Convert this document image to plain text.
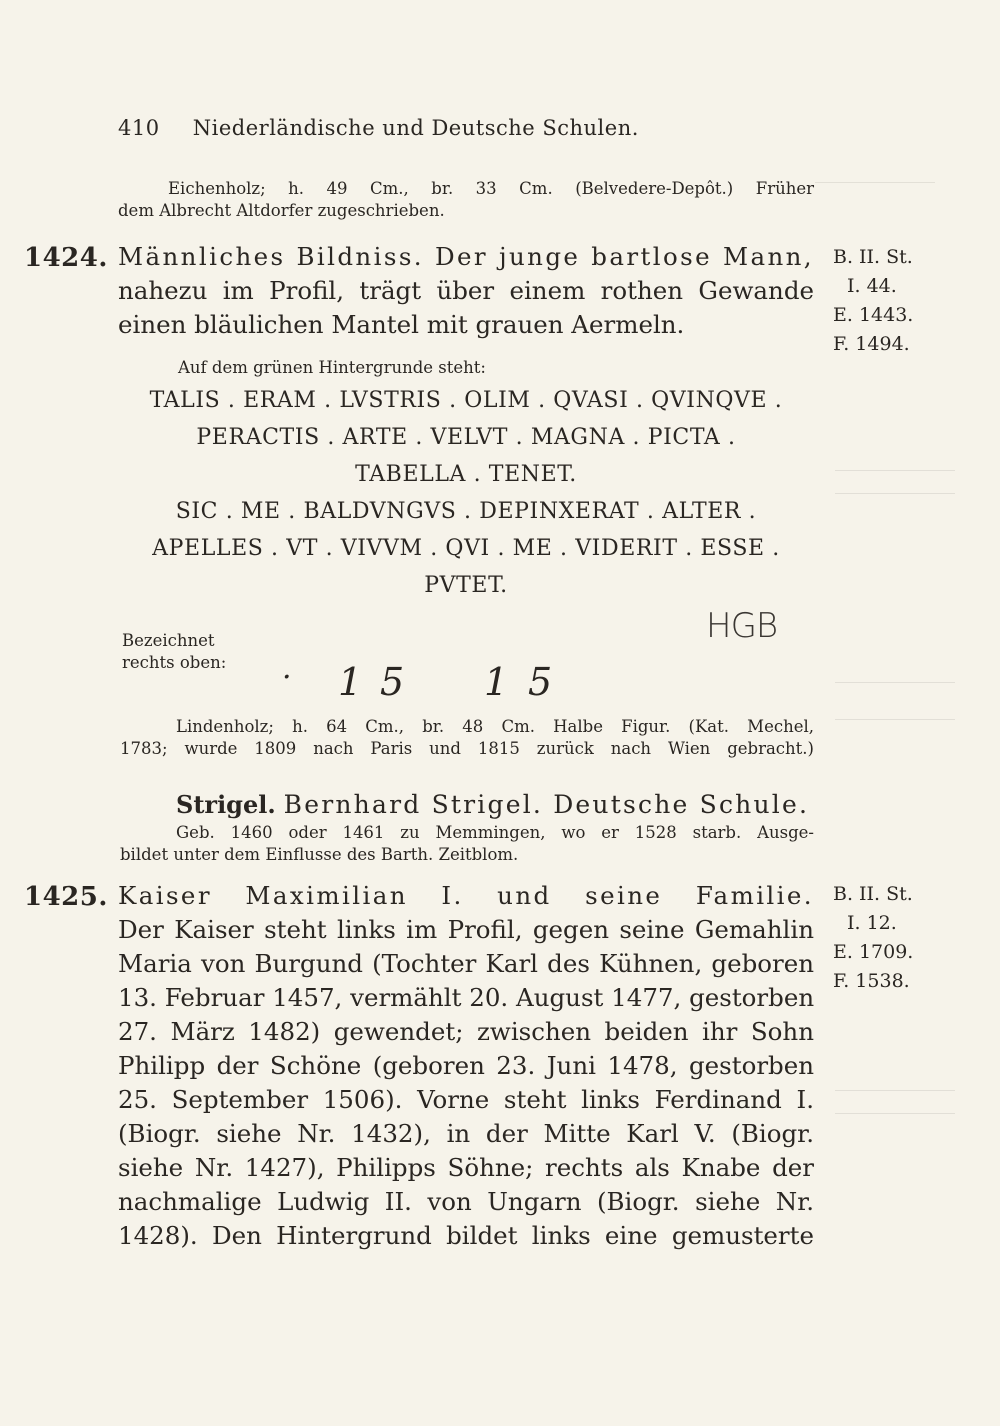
410 Niederländische und Deutsche Schulen.
Eichenholz; h. 49 Cm., br. 33 Cm. (Belvedere-Depôt.) Früher
dem Albrecht Altdorfer zugeschrieben.
1424. Männliches Bildniss. Der junge bartlose Mann,
nahezu im Profil, trägt über einem rothen Gewande
einen bläulichen Mantel mit grauen Aermeln.
B. II. St.
I. 44.
E. 1443.
F. 1494.
Auf dem grünen Hintergrunde steht:
TALIS . ERAM . LVSTRIS . OLIM . QVASI . QVINQVE .
PERACTIS . ARTE . VELVT . MAGNA . PICTA .
TABELLA . TENET.
SIC . ME . BALDVNGVS . DEPINXERAT . ALTER .
APELLES . VT . VIVVM . QVI . ME . VIDERIT . ESSE .
PVTET.
Bezeichnet
rechts oben:
HGB
· 1 5 1 5
Lindenholz; h. 64 Cm., br. 48 Cm. Halbe Figur. (Kat. Mechel,
1783; wurde 1809 nach Paris und 1815 zurück nach Wien gebracht.)
Strigel. Bernhard Strigel. Deutsche Schule.
Geb. 1460 oder 1461 zu Memmingen, wo er 1528 starb. Ausge-
bildet unter dem Einflusse des Barth. Zeitblom.
1425. Kaiser Maximilian I. und seine Familie.
Der Kaiser steht links im Profil, gegen seine Gemahlin
Maria von Burgund (Tochter Karl des Kühnen, geboren
13. Februar 1457, vermählt 20. August 1477, gestorben
27. März 1482) gewendet; zwischen beiden ihr Sohn
Philipp der Schöne (geboren 23. Juni 1478, gestorben
25. September 1506). Vorne steht links Ferdinand I.
(Biogr. siehe Nr. 1432), in der Mitte Karl V. (Biogr.
siehe Nr. 1427), Philipps Söhne; rechts als Knabe der
nachmalige Ludwig II. von Ungarn (Biogr. siehe Nr.
1428). Den Hintergrund bildet links eine gemusterte
B. II. St.
I. 12.
E. 1709.
F. 1538.
